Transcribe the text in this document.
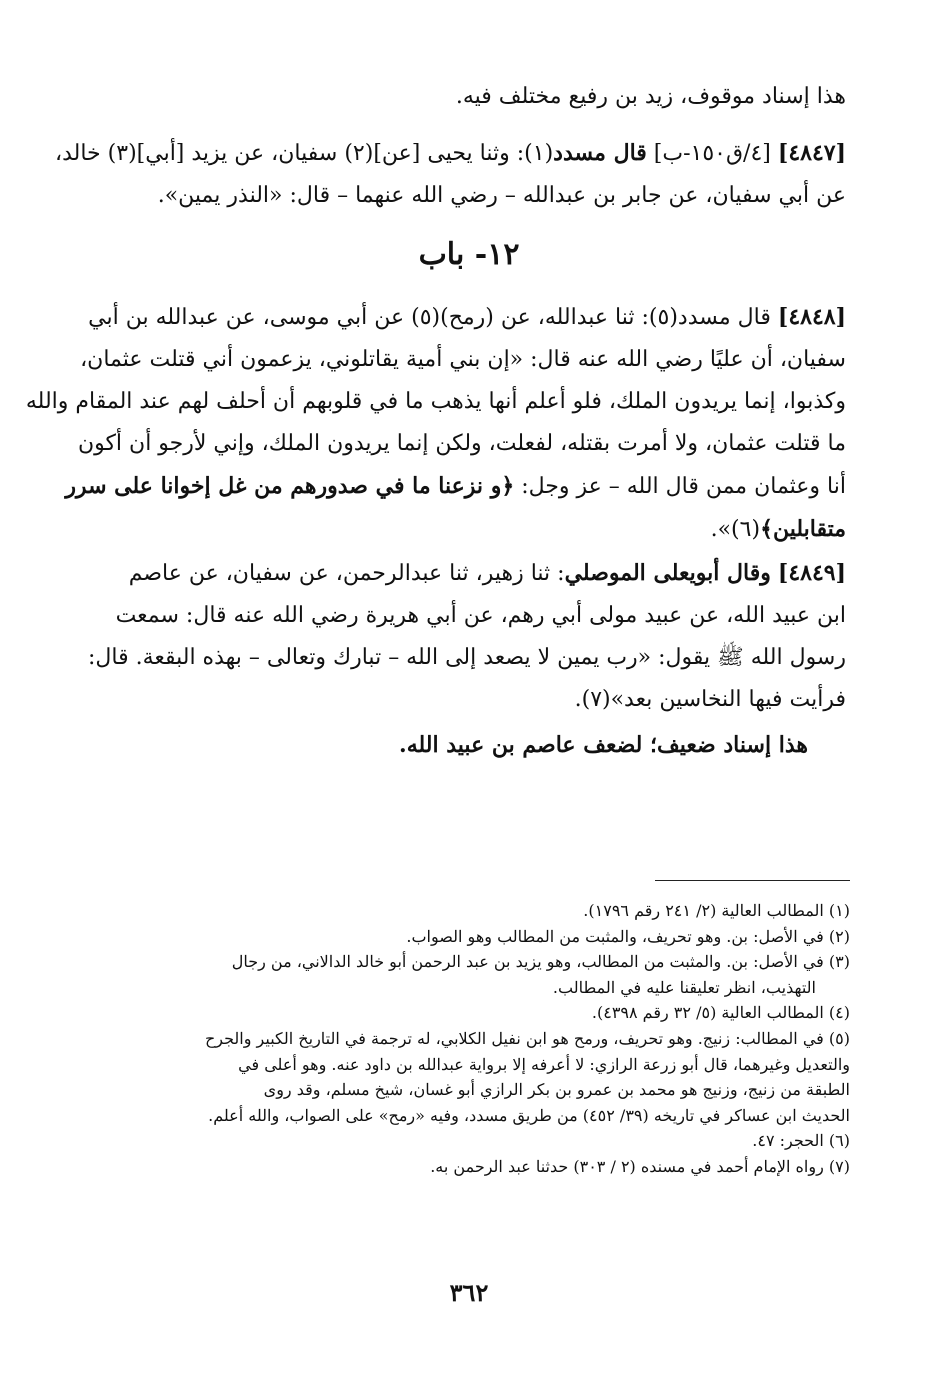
هذا إسناد موقوف، زيد بن رفيع مختلف فيه.
[٤٨٤٧] [٤/ق١٥٠-ب] قال مسدد(١): وثنا يحيى [عن](٢) سفيان، عن يزيد [أبي](٣) خالد،
عن أبي سفيان، عن جابر بن عبدالله – رضي الله عنهما – قال: «النذر يمين».
١٢- باب
[٤٨٤٨] قال مسدد(٥): ثنا عبدالله، عن (رمح)(٥) عن أبي موسى، عن عبدالله بن أبي
سفيان، أن عليًا رضي الله عنه قال: «إن بني أمية يقاتلوني، يزعمون أني قتلت عثمان،
وكذبوا، إنما يريدون الملك، فلو أعلم أنها يذهب ما في قلوبهم أن أحلف لهم عند المقام والله
ما قتلت عثمان، ولا أمرت بقتله، لفعلت، ولكن إنما يريدون الملك، وإني لأرجو أن أكون
أنا وعثمان ممن قال الله – عز وجل: ﴿و نزعنا ما في صدورهم من غل إخوانا على سرر
متقابلين﴾(٦)».
[٤٨٤٩] وقال أبويعلى الموصلي: ثنا زهير، ثنا عبدالرحمن، عن سفيان، عن عاصم
ابن عبيد الله، عن عبيد مولى أبي رهم، عن أبي هريرة رضي الله عنه قال: سمعت
رسول الله ﷺ يقول: «رب يمين لا يصعد إلى الله – تبارك وتعالى – بهذه البقعة. قال:
فرأيت فيها النخاسين بعد»(٧).
هذا إسناد ضعيف؛ لضعف عاصم بن عبيد الله.
(١) المطالب العالية (٢/ ٢٤١ رقم ١٧٩٦).
(٢) في الأصل: بن. وهو تحريف، والمثبت من المطالب وهو الصواب.
(٣) في الأصل: بن. والمثبت من المطالب، وهو يزيد بن عبد الرحمن أبو خالد الدالاني، من رجال
التهذيب، انظر تعليقنا عليه في المطالب.
(٤) المطالب العالية (٥/ ٣٢ رقم ٤٣٩٨).
(٥) في المطالب: زنيج. وهو تحريف، ورمح هو ابن نفيل الكلابي، له ترجمة في التاريخ الكبير والجرح
والتعديل وغيرهما، قال أبو زرعة الرازي: لا أعرفه إلا برواية عبدالله بن داود عنه. وهو أعلى في
الطبقة من زنيج، وزنيج هو محمد بن عمرو بن بكر الرازي أبو غسان، شيخ مسلم، وقد روى
الحديث ابن عساكر في تاريخه (٣٩/ ٤٥٢) من طريق مسدد، وفيه «رمح» على الصواب، والله أعلم.
(٦) الحجر: ٤٧.
(٧) رواه الإمام أحمد في مسنده (٢ / ٣٠٣) حدثنا عبد الرحمن به.
٣٦٢
